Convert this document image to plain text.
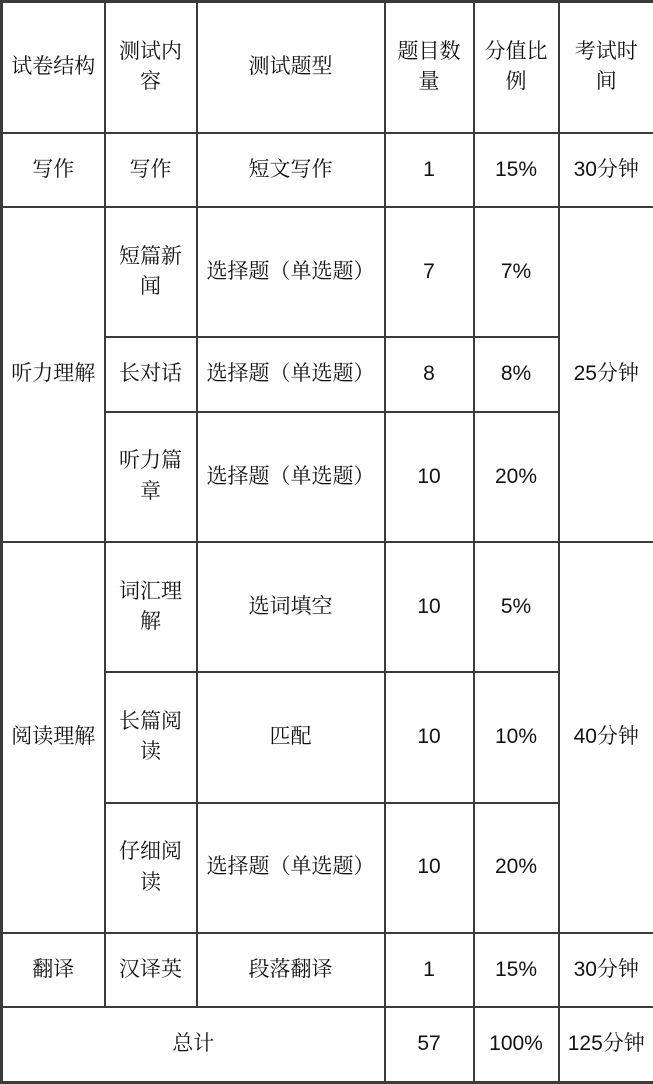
试卷结构	测试内容	测试题型	题目数量	分值比例	考试时间
写作	写作	短文写作	1	15%	30分钟
听力理解	短篇新闻	选择题（单选题）	7	7%	25分钟
	长对话	选择题（单选题）	8	8%	
	听力篇章	选择题（单选题）	10	20%	
阅读理解	词汇理解	选词填空	10	5%	40分钟
	长篇阅读	匹配	10	10%	
	仔细阅读	选择题（单选题）	10	20%	
翻译	汉译英	段落翻译	1	15%	30分钟
总计			57	100%	125分钟
